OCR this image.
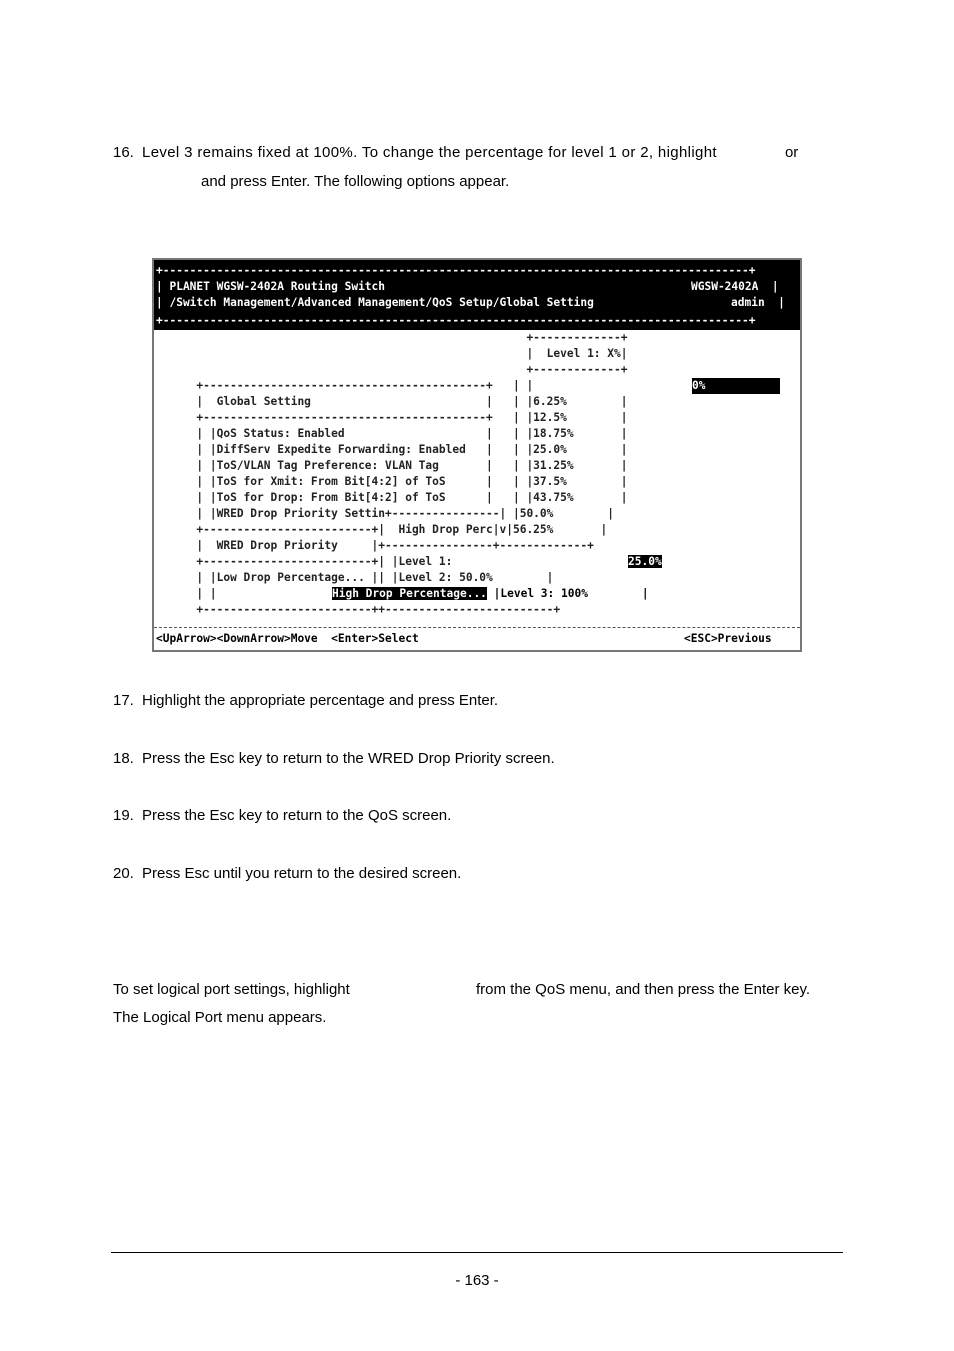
16. Level 3 remains fixed at 100%. To change the percentage for level 1 or 2, highlight	or
and press Enter. The following options appear.
+---------------------------------------------------------------------------------------+
| PLANET WGSW-2402A Routing Switch	WGSW-2402A  |
| /Switch Management/Advanced Management/QoS Setup/Global Setting	admin  |
+---------------------------------------------------------------------------------------+
+-------------+
|  Level 1: X%|
+-------------+
+------------------------------------------+   | |
|  Global Setting                          |   | |6.25%        |
+------------------------------------------+   | |12.5%        |
| |QoS Status: Enabled                     |   | |18.75%       |
| |DiffServ Expedite Forwarding: Enabled   |   | |25.0%        |
| |ToS/VLAN Tag Preference: VLAN Tag       |   | |31.25%       |
| |ToS for Xmit: From Bit[4:2] of ToS      |   | |37.5%        |
| |ToS for Drop: From Bit[4:2] of ToS      |   | |43.75%       |
| |WRED Drop Priority Settin+----------------| |50.0%        |
+-------------------------+|  High Drop Perc|v|56.25%       |
|  WRED Drop Priority     |+----------------+-------------+
+-------------------------+| |Level 1:
| |Low Drop Percentage... || |Level 2: 50.0%        |
| |
+-------------------------++-------------------------+
0%
25.0%
High Drop Percentage... |Level 3: 100%        |
<UpArrow><DownArrow>Move  <Enter>Select	<ESC>Previous
17. Highlight the appropriate percentage and press Enter.
18. Press the Esc key to return to the WRED Drop Priority screen.
19. Press the Esc key to return to the QoS screen.
20. Press Esc until you return to the desired screen.
To set logical port settings, highlight	from the QoS menu, and then press the Enter key.
The Logical Port menu appears.
- 163 -
